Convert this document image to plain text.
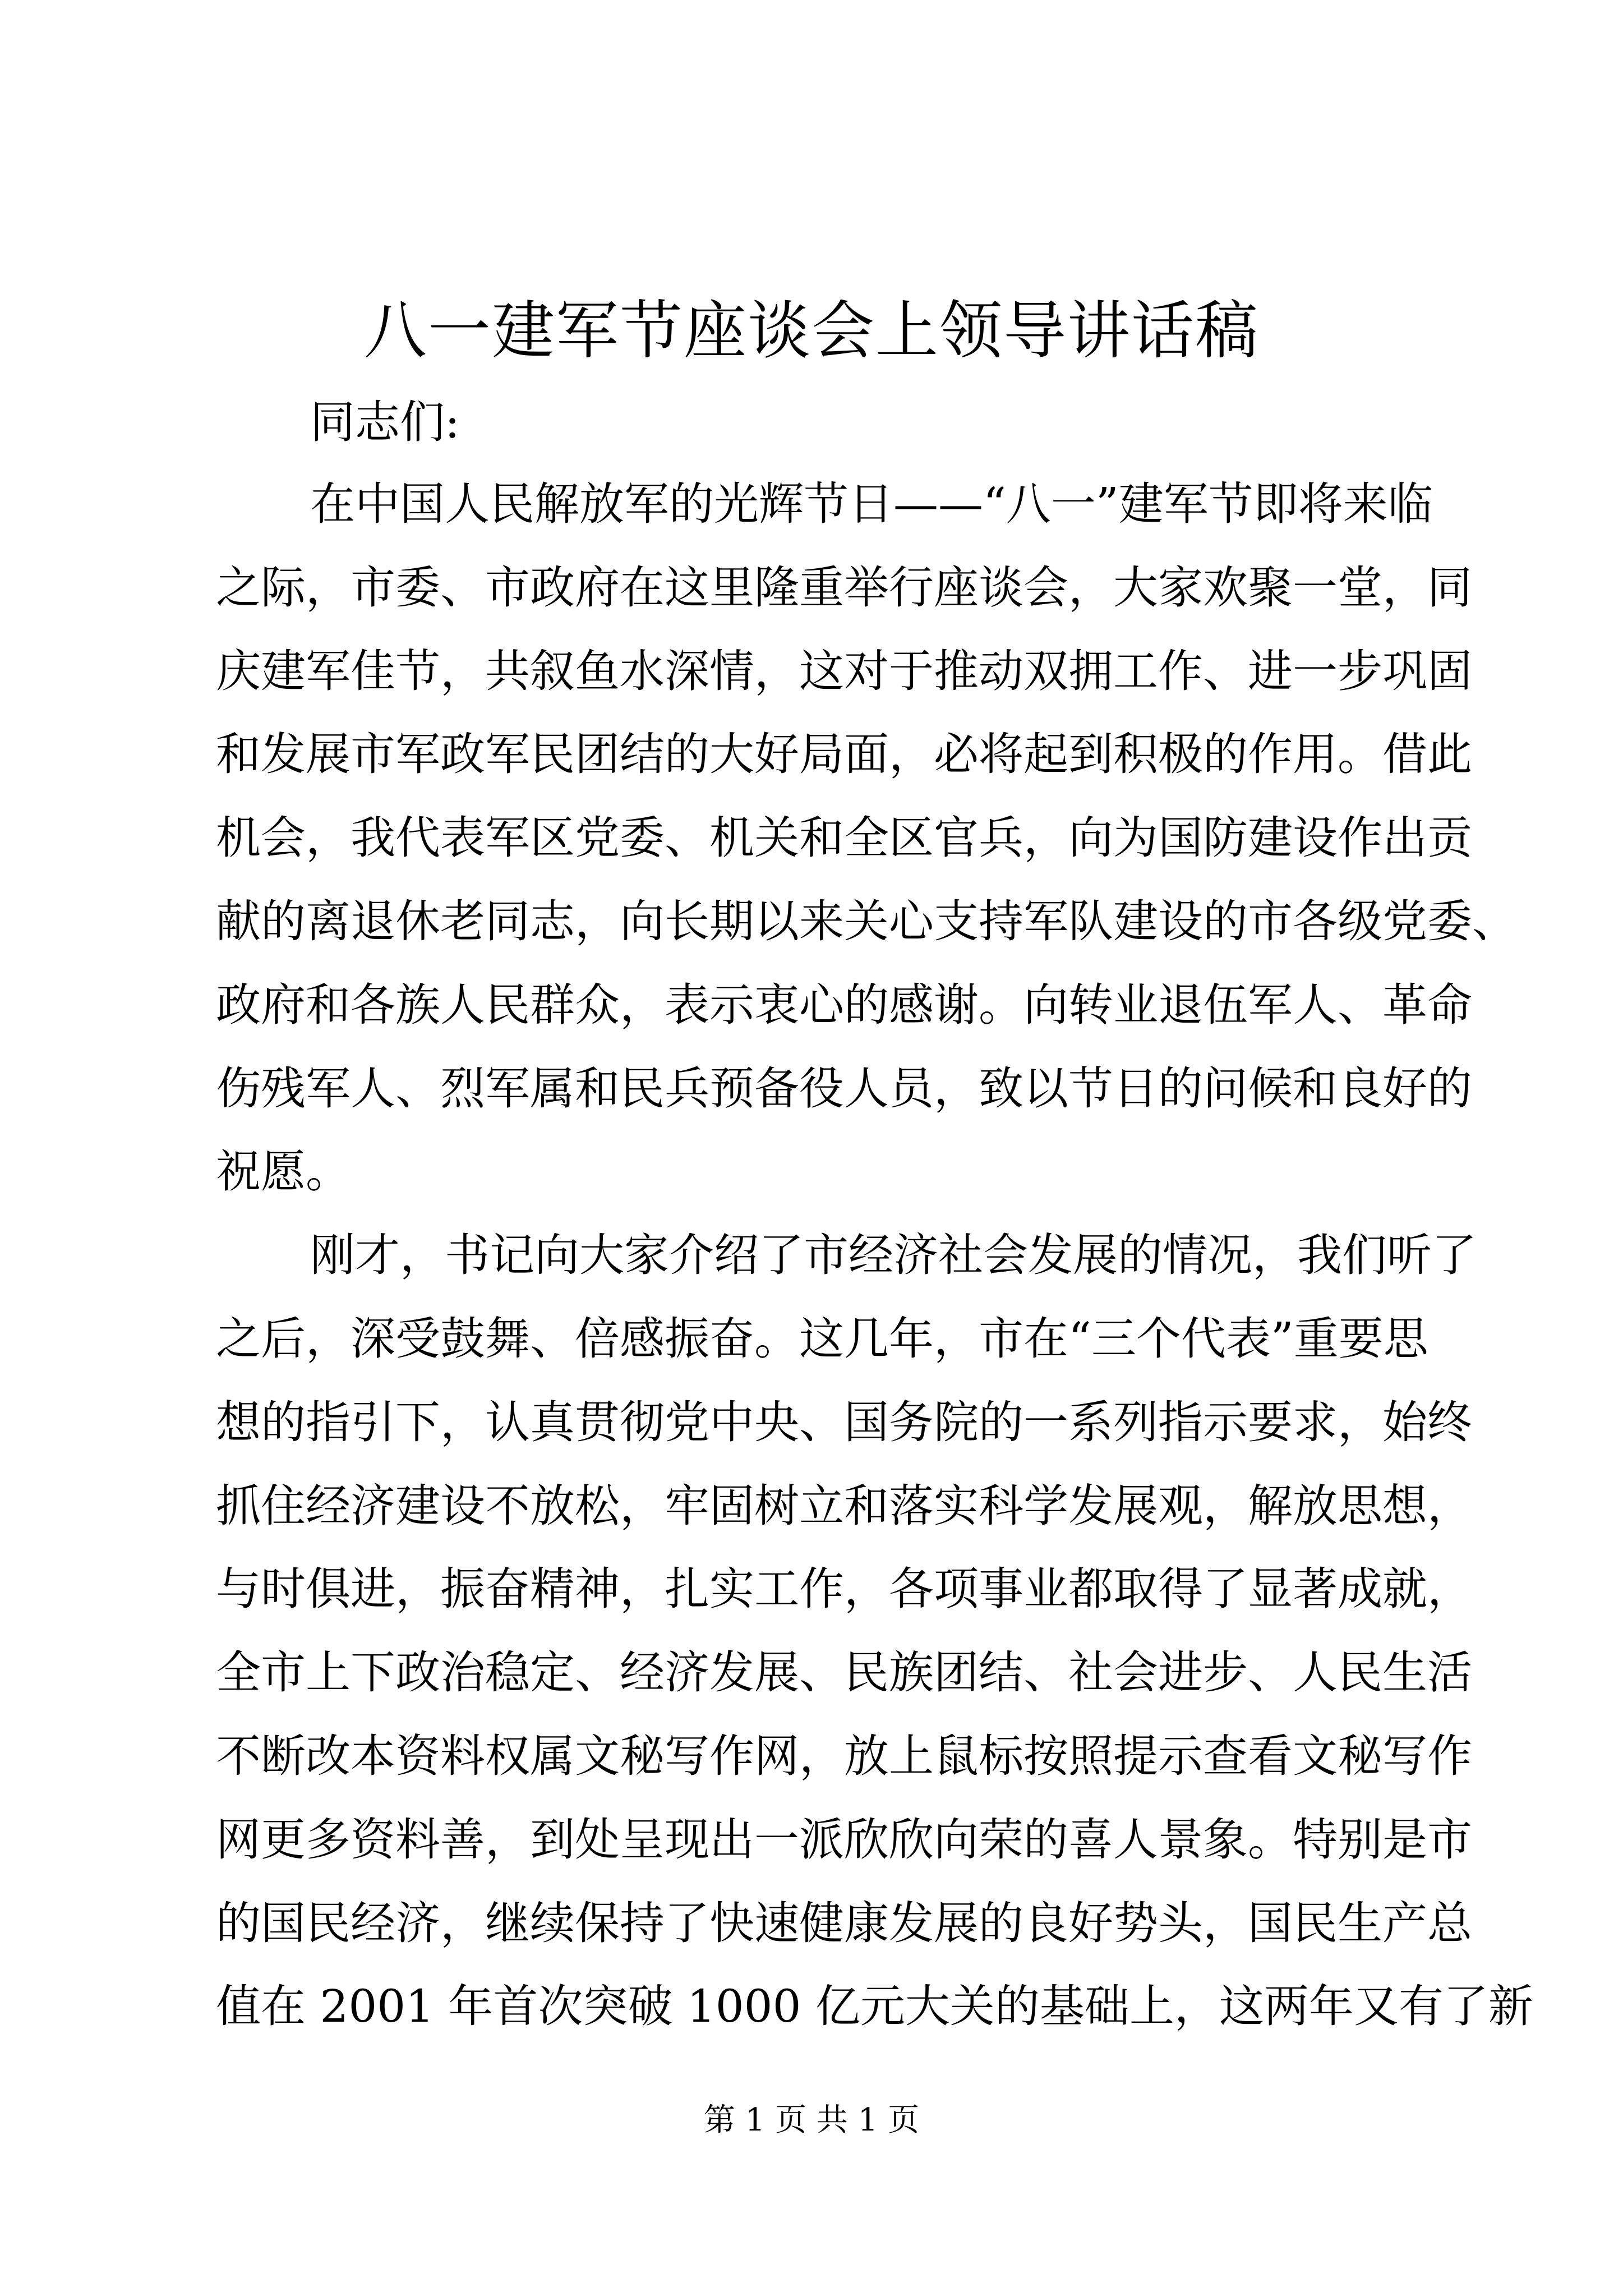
八一建军节座谈会上领导讲话稿

同志们:

在中国人民解放军的光辉节日——“八一”建军节即将来临
之际，市委、市政府在这里隆重举行座谈会，大家欢聚一堂，同
庆建军佳节，共叙鱼水深情，这对于推动双拥工作、进一步巩固
和发展市军政军民团结的大好局面，必将起到积极的作用。借此
机会，我代表军区党委、机关和全区官兵，向为国防建设作出贡
献的离退休老同志，向长期以来关心支持军队建设的市各级党委、
政府和各族人民群众，表示衷心的感谢。向转业退伍军人、革命
伤残军人、烈军属和民兵预备役人员，致以节日的问候和良好的
祝愿。

刚才，书记向大家介绍了市经济社会发展的情况，我们听了
之后，深受鼓舞、倍感振奋。这几年，市在“三个代表”重要思
想的指引下，认真贯彻党中央、国务院的一系列指示要求，始终
抓住经济建设不放松，牢固树立和落实科学发展观，解放思想，
与时俱进，振奋精神，扎实工作，各项事业都取得了显著成就，
全市上下政治稳定、经济发展、民族团结、社会进步、人民生活
不断改本资料权属文秘写作网，放上鼠标按照提示查看文秘写作
网更多资料善，到处呈现出一派欣欣向荣的喜人景象。特别是市
的国民经济，继续保持了快速健康发展的良好势头，国民生产总
值在 2001 年首次突破 1000 亿元大关的基础上，这两年又有了新

第 1 页 共 1 页
